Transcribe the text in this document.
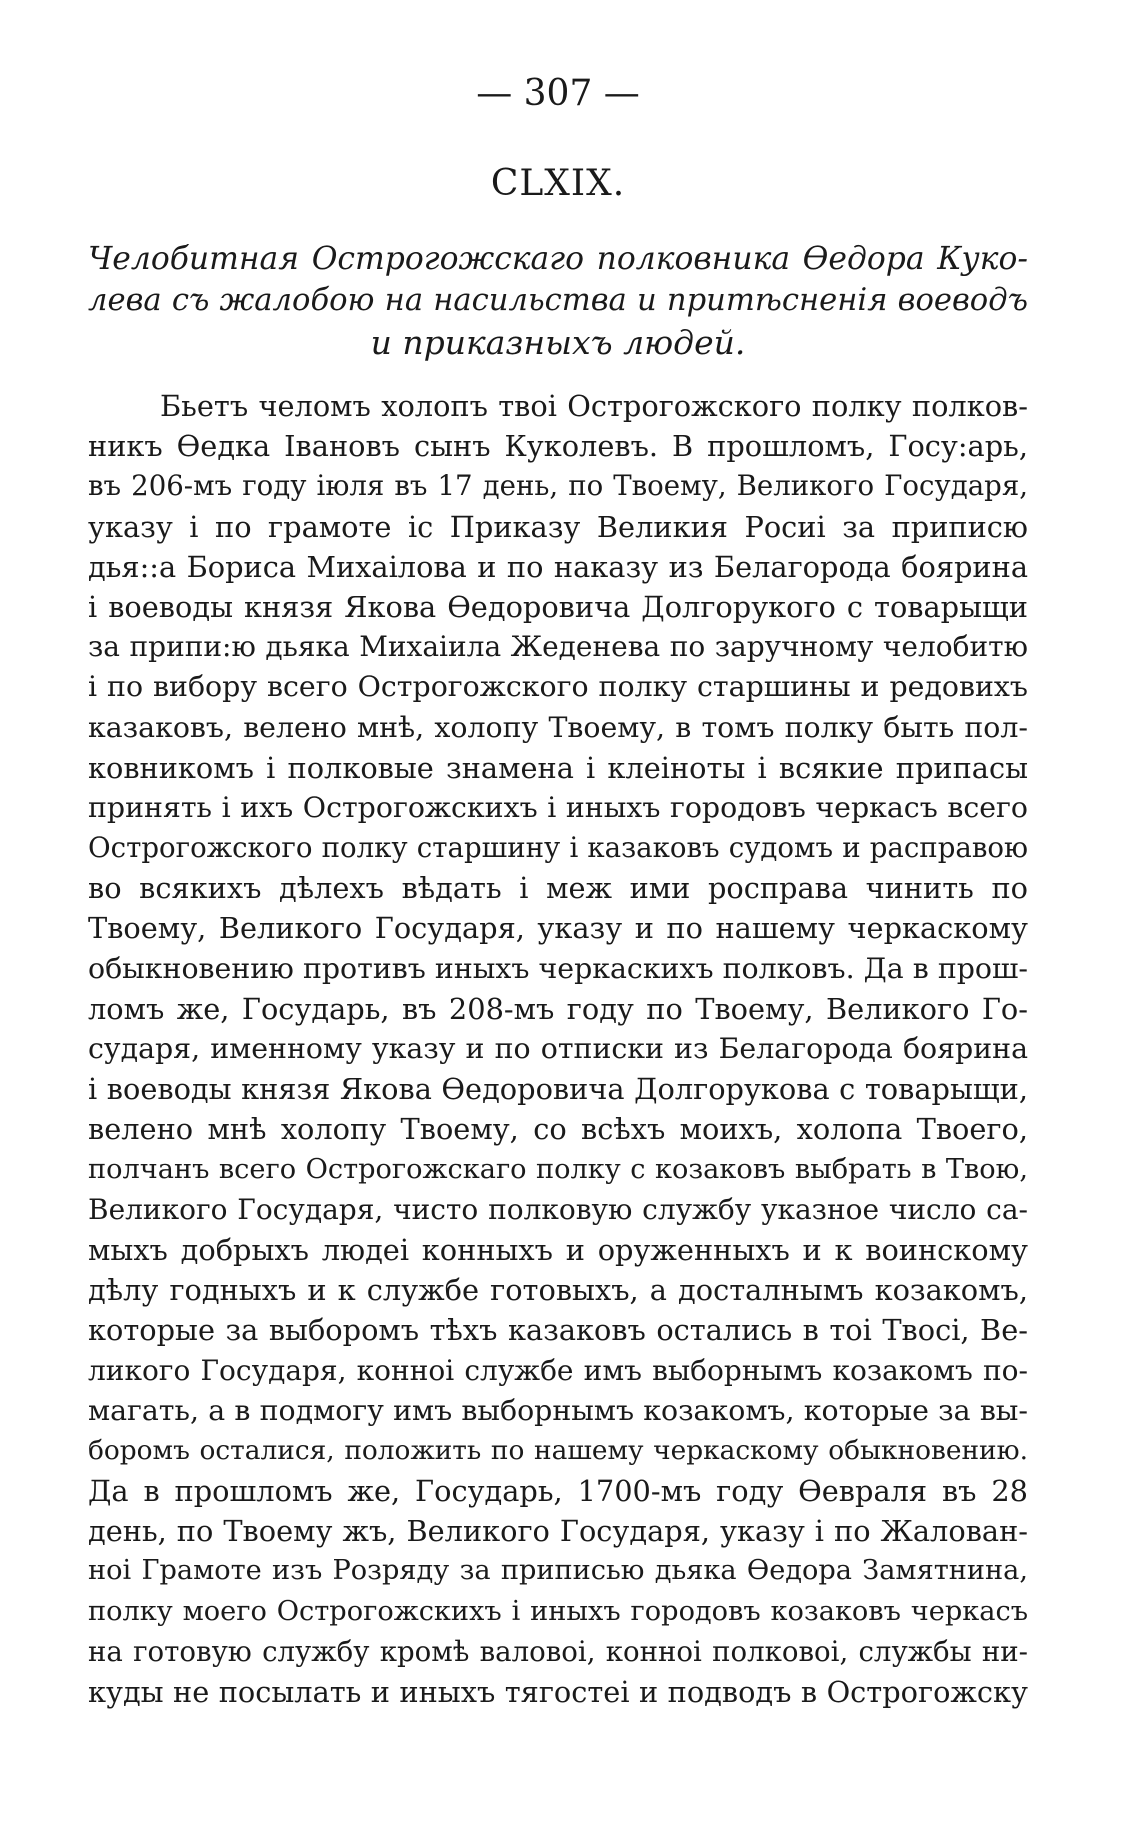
— 307 —

CLXIX.

Челобитная Острогожскаго полковника Өедора Куко-
лева съ жалобою на насильства и притѣсненія воеводъ
и приказныхъ людей.
Бьетъ челомъ холопъ твоі Острогожского полку полков-
никъ Өедка Івановъ сынъ Куколевъ. В прошломъ, Госу:арь,
въ 206-мъ году іюля въ 17 день, по Твоему, Великого Государя,
указу і по грамоте іс Приказу Великия Росиі за приписю
дья::а Бориса Михаілова и по наказу из Белагорода боярина
і воеводы князя Якова Өедоровича Долгорукого с товарыщи
за припи:ю дьяка Михаіила Жеденева по заручному челобитю
і по вибору всего Острогожского полку старшины и редовихъ
казаковъ, велено мнѣ, холопу Твоему, в томъ полку быть пол-
ковникомъ і полковые знамена і клеіноты і всякие припасы
принять і ихъ Острогожскихъ і иныхъ городовъ черкасъ всего
Острогожского полку старшину і казаковъ судомъ и расправою
во всякихъ дѣлехъ вѣдать і меж ими росправа чинить по
Твоему, Великого Государя, указу и по нашему черкаскому
обыкновению противъ иныхъ черкаскихъ полковъ. Да в прош-
ломъ же, Государь, въ 208-мъ году по Твоему, Великого Го-
сударя, именному указу и по отписки из Белагорода боярина
і воеводы князя Якова Өедоровича Долгорукова с товарыщи,
велено мнѣ холопу Твоему, со всѣхъ моихъ, холопа Твоего,
полчанъ всего Острогожскаго полку с козаковъ выбрать в Твою,
Великого Государя, чисто полковую службу указное число са-
мыхъ добрыхъ людеі конныхъ и оруженныхъ и к воинскому
дѣлу годныхъ и к службе готовыхъ, а досталнымъ козакомъ,
которые за выборомъ тѣхъ казаковъ остались в тоі Твосі, Ве-
ликого Государя, конноі службе имъ выборнымъ козакомъ по-
магать, а в подмогу имъ выборнымъ козакомъ, которые за вы-
боромъ осталися, положить по нашему черкаскому обыкновению.
Да в прошломъ же, Государь, 1700-мъ году Өевраля въ 28
день, по Твоему жъ, Великого Государя, указу і по Жалован-
ноі Грамоте изъ Розряду за приписью дьяка Өедора Замятнина,
полку моего Острогожскихъ і иныхъ городовъ козаковъ черкасъ
на готовую службу кромѣ валовоі, конноі полковоі, службы ни-
куды не посылать и иныхъ тягостеі и подводъ в Острогожску
